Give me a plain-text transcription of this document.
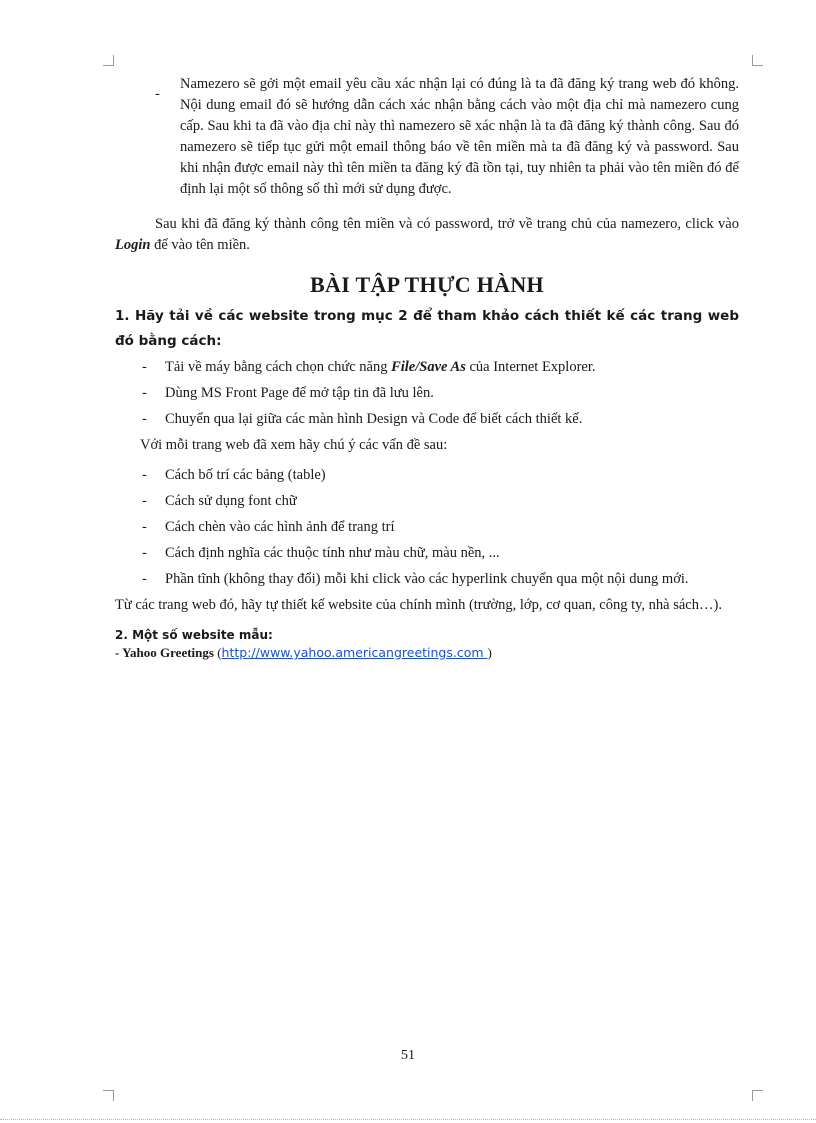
-

Namezero sẽ gởi một email yêu cầu xác nhận lại có đúng là ta đã đăng ký trang web đó không. Nội dung email đó sẽ hướng dẫn cách xác nhận bằng cách vào một địa chỉ mà namezero cung cấp. Sau khi ta đã vào địa chỉ này thì namezero sẽ xác nhận là ta đã đăng ký thành công. Sau đó namezero sẽ tiếp tục gửi một email thông báo về tên miền mà ta đã đăng ký và password. Sau khi nhận được email này thì tên miền ta đăng ký đã tồn tại, tuy nhiên ta phải vào tên miền đó để định lại một số thông số thì mới sử dụng được.

Sau khi đã đăng ký thành công tên miền và có password, trở về trang chủ của namezero, click vào Login để vào tên miền.

BÀI TẬP THỰC HÀNH

1. Hãy tải về các website trong mục 2 để tham khảo cách thiết kế các trang web đó bằng cách:

- Tải về máy bằng cách chọn chức năng File/Save As của Internet Explorer.
- Dùng MS Front Page để mở tập tin đã lưu lên.
- Chuyển qua lại giữa các màn hình Design và Code để biết cách thiết kế.

Với mỗi trang web đã xem hãy chú ý các vấn đề sau:

- Cách bố trí các bảng (table)
- Cách sử dụng font chữ
- Cách chèn vào các hình ảnh để trang trí
- Cách định nghĩa các thuộc tính như màu chữ, màu nền, ...
- Phần tĩnh (không thay đổi) mỗi khi click vào các hyperlink chuyển qua một nội dung mới.

Từ các trang web đó, hãy tự thiết kế website của chính mình (trường, lớp, cơ quan, công ty, nhà sách…).

2. Một số website mẫu:

- Yahoo Greetings (http://www.yahoo.americangreetings.com )

51
